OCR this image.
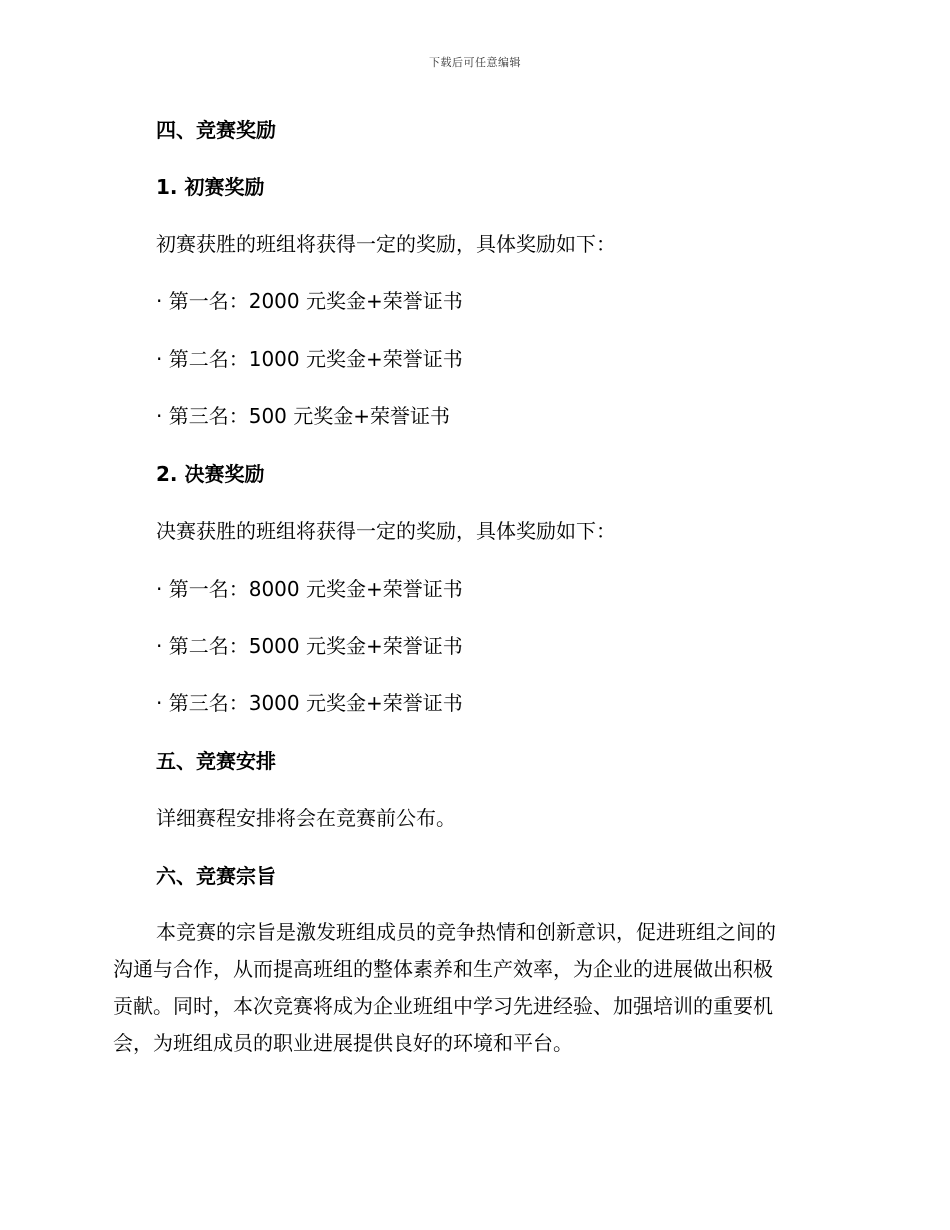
下载后可任意编辑
四、竞赛奖励
1. 初赛奖励
初赛获胜的班组将获得一定的奖励，具体奖励如下：
· 第一名：2000 元奖金+荣誉证书
· 第二名：1000 元奖金+荣誉证书
· 第三名：500 元奖金+荣誉证书
2. 决赛奖励
决赛获胜的班组将获得一定的奖励，具体奖励如下：
· 第一名：8000 元奖金+荣誉证书
· 第二名：5000 元奖金+荣誉证书
· 第三名：3000 元奖金+荣誉证书
五、竞赛安排
详细赛程安排将会在竞赛前公布。
六、竞赛宗旨
本竞赛的宗旨是激发班组成员的竞争热情和创新意识，促进班组之间的
沟通与合作，从而提高班组的整体素养和生产效率，为企业的进展做出积极
贡献。同时，本次竞赛将成为企业班组中学习先进经验、加强培训的重要机
会，为班组成员的职业进展提供良好的环境和平台。
